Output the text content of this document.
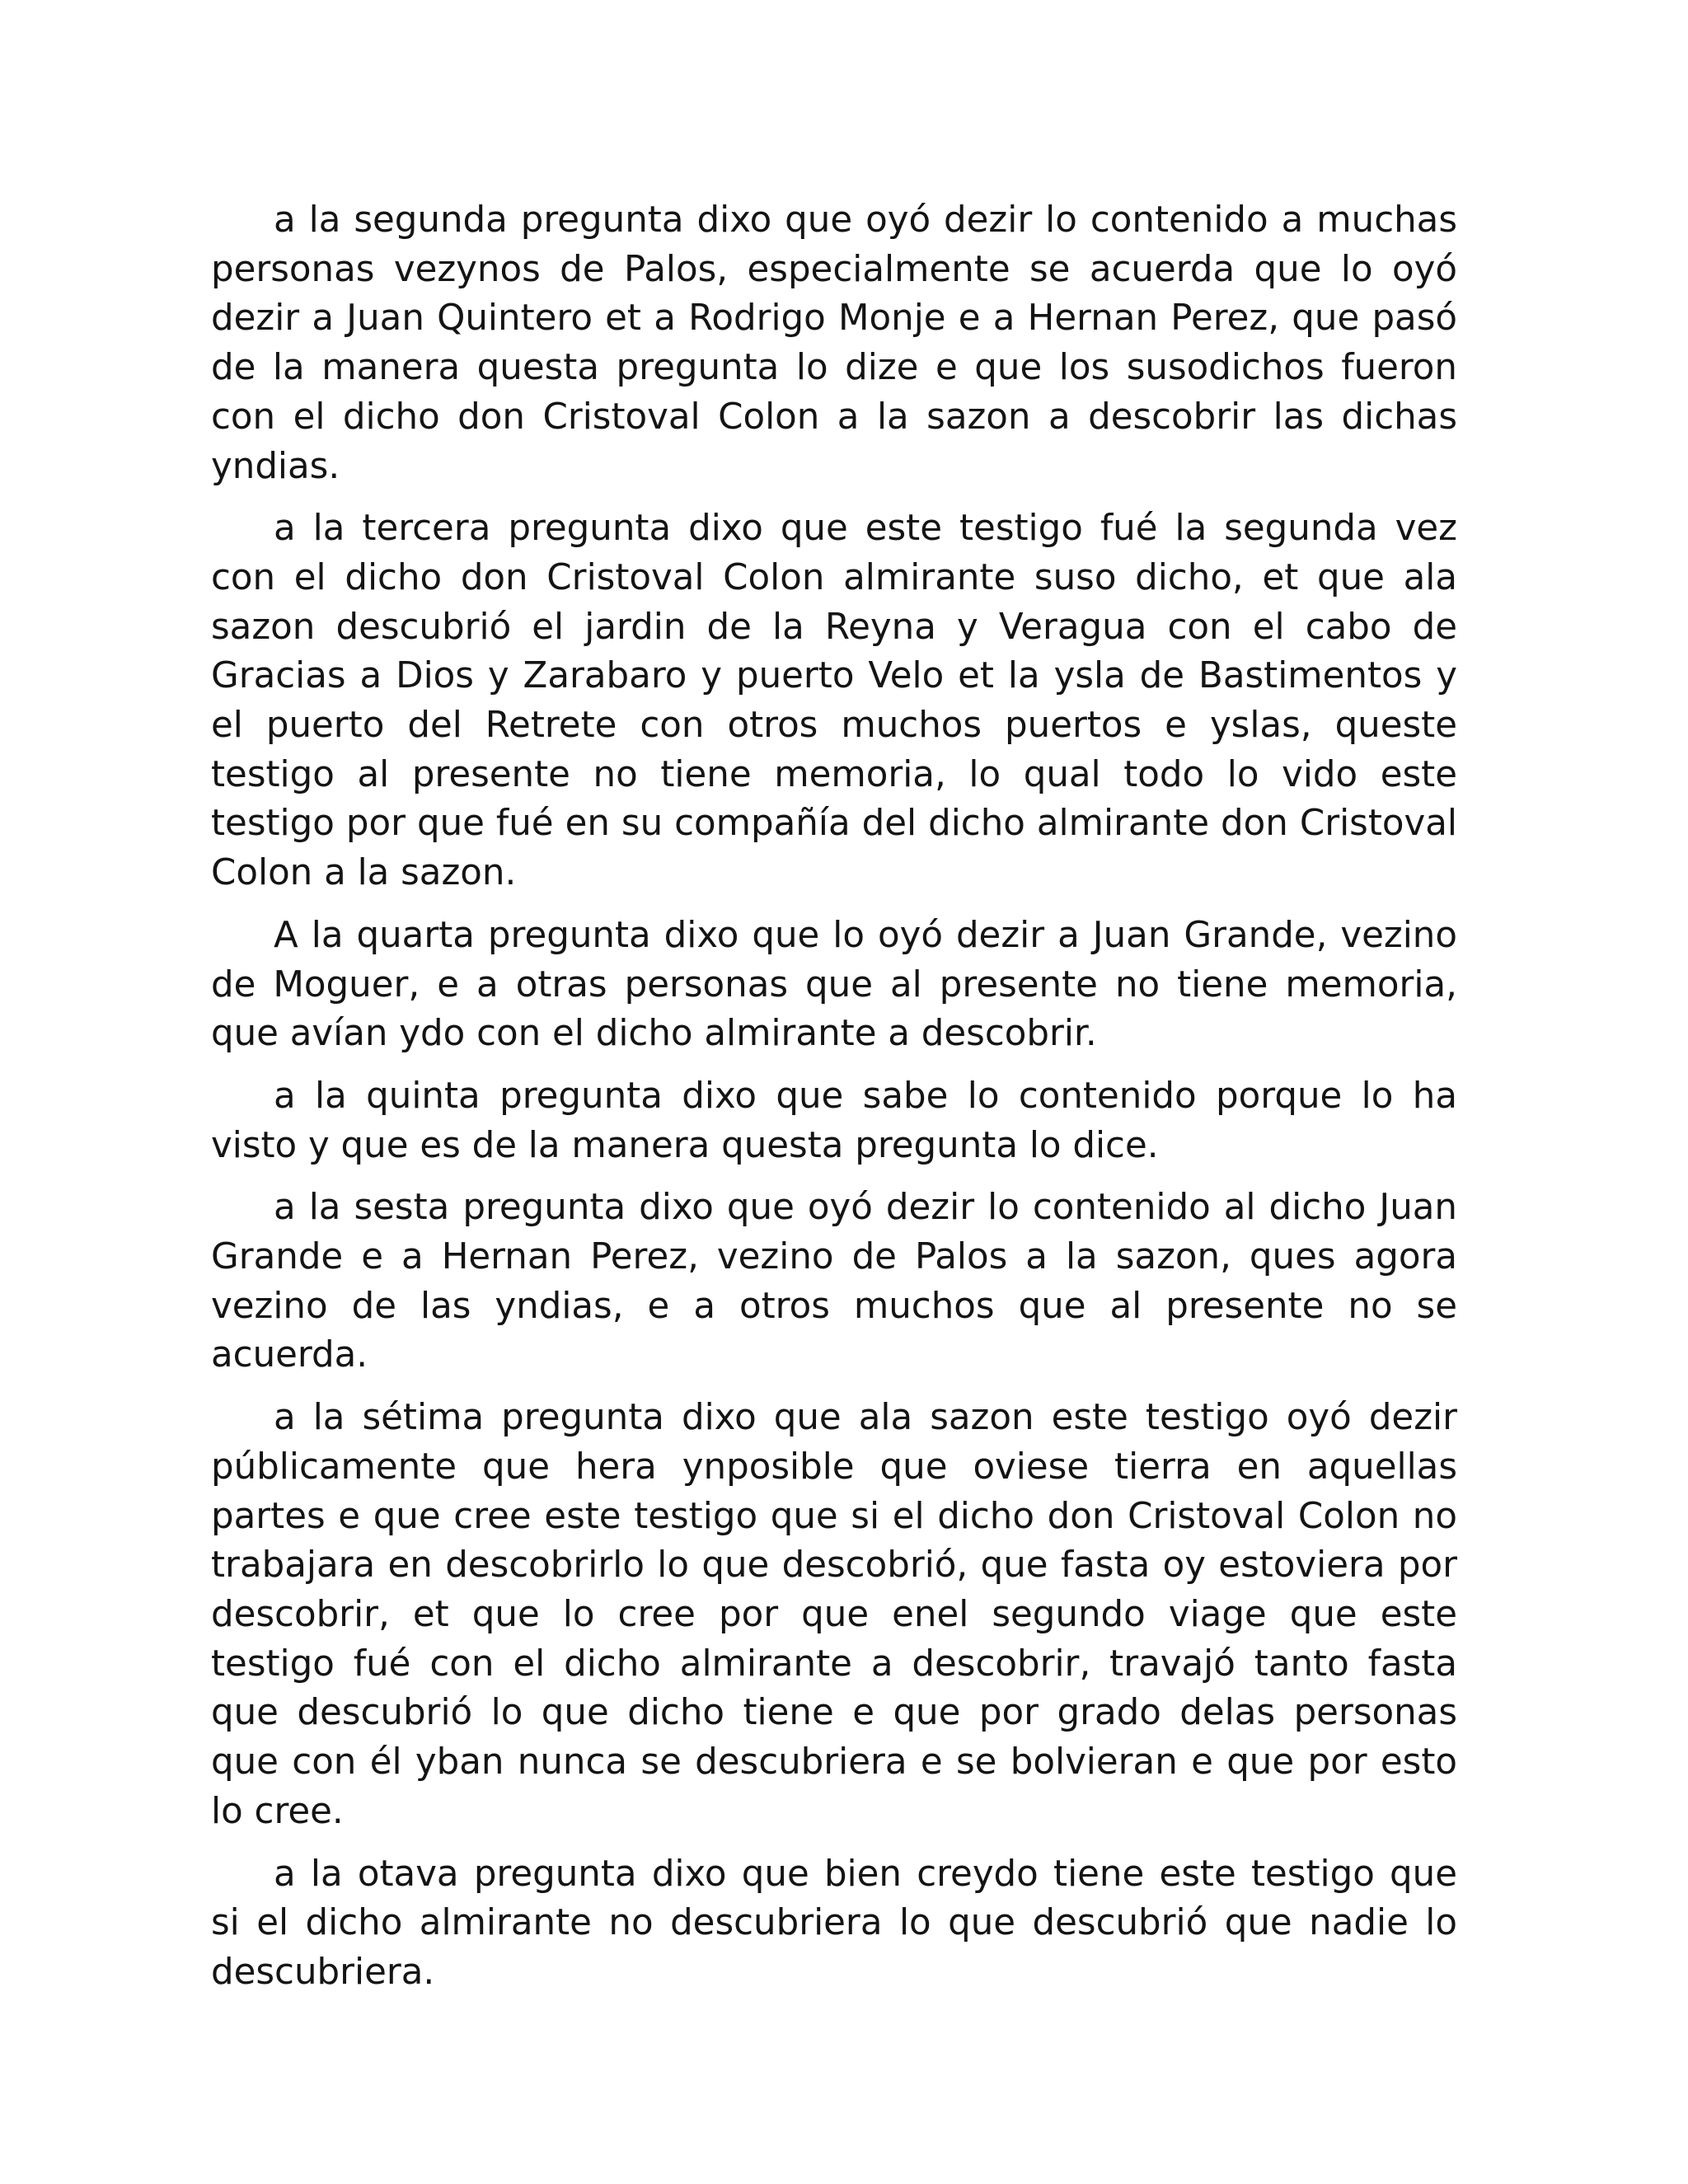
a la segunda pregunta dixo que oyó dezir lo contenido a muchas personas vezynos de Palos, especialmente se acuerda que lo oyó dezir a Juan Quintero et a Rodrigo Monje e a Hernan Perez, que pasó de la manera questa pregunta lo dize e que los susodichos fueron con el dicho don Cristoval Colon a la sazon a descobrir las dichas yndias.

a la tercera pregunta dixo que este testigo fué la segunda vez con el dicho don Cristoval Colon almirante suso dicho, et que ala sazon descubrió el jardin de la Reyna y Veragua con el cabo de Gracias a Dios y Zarabaro y puerto Velo et la ysla de Bastimentos y el puerto del Retrete con otros muchos puertos e yslas, queste testigo al presente no tiene memoria, lo qual todo lo vido este testigo por que fué en su compañía del dicho almirante don Cristoval Colon a la sazon.

A la quarta pregunta dixo que lo oyó dezir a Juan Grande, vezino de Moguer, e a otras personas que al presente no tiene memoria, que avían ydo con el dicho almirante a descobrir.

a la quinta pregunta dixo que sabe lo contenido porque lo ha visto y que es de la manera questa pregunta lo dice.

a la sesta pregunta dixo que oyó dezir lo contenido al dicho Juan Grande e a Hernan Perez, vezino de Palos a la sazon, ques agora vezino de las yndias, e a otros muchos que al presente no se acuerda.

a la sétima pregunta dixo que ala sazon este testigo oyó dezir públicamente que hera ynposible que oviese tierra en aquellas partes e que cree este testigo que si el dicho don Cristoval Colon no trabajara en descobrirlo lo que descobrió, que fasta oy estoviera por descobrir, et que lo cree por que enel segundo viage que este testigo fué con el dicho almirante a descobrir, travajó tanto fasta que descubrió lo que dicho tiene e que por grado delas personas que con él yban nunca se descubriera e se bolvieran e que por esto lo cree.

a la otava pregunta dixo que bien creydo tiene este testigo que si el dicho almirante no descubriera lo que descubrió que nadie lo descubriera.
